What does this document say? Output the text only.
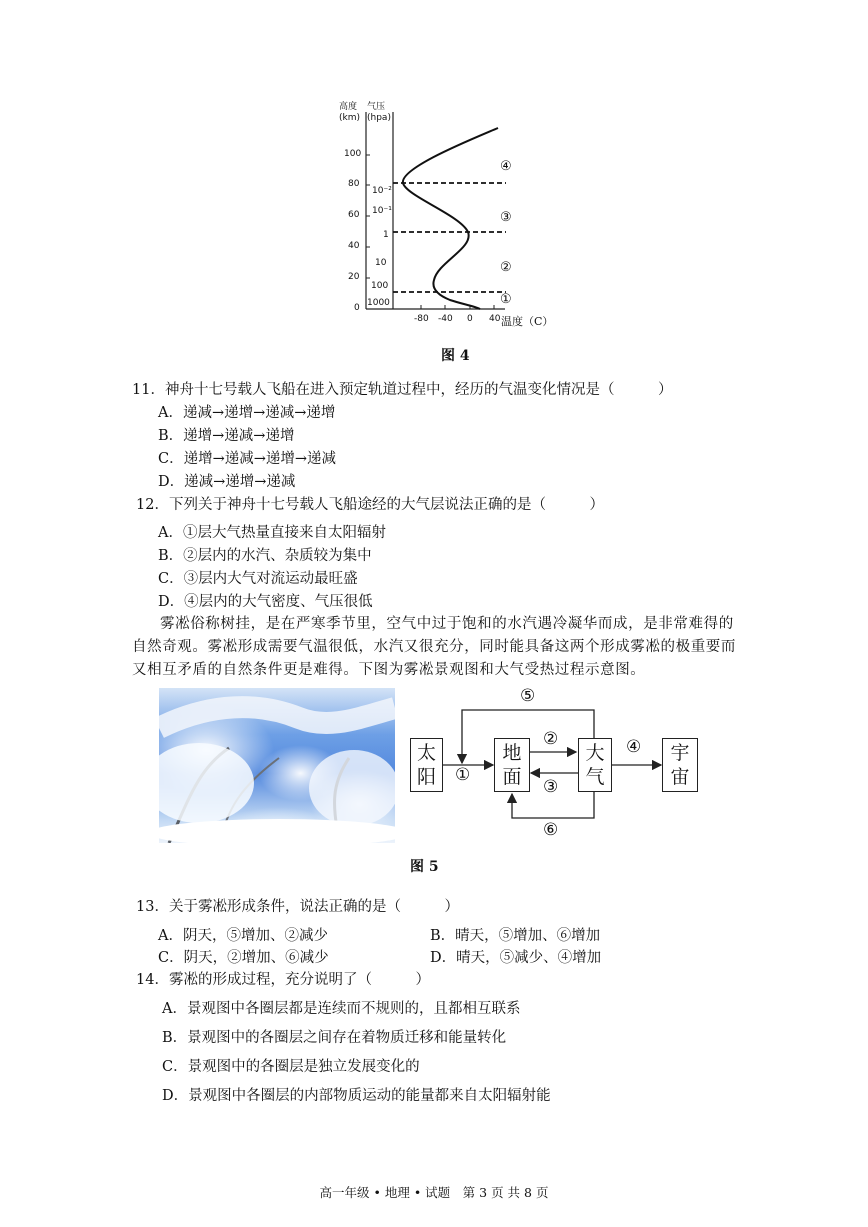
高度
(km)
气压
(hpa)
100
80
60
40
20
0
10⁻²
10⁻¹
1
10
100
1000
-80 -40 0 40 温度（C）
④
③
②
①
图 4
11．神舟十七号载人飞船在进入预定轨道过程中，经历的气温变化情况是（　　　）
A．递减→递增→递减→递增
B．递增→递减→递增
C．递增→递减→递增→递减
D．递减→递增→递减
12．下列关于神舟十七号载人飞船途经的大气层说法正确的是（　　　）
A．①层大气热量直接来自太阳辐射
B．②层内的水汽、杂质较为集中
C．③层内大气对流运动最旺盛
D．④层内的大气密度、气压很低
雾凇俗称树挂，是在严寒季节里，空气中过于饱和的水汽遇冷凝华而成，是非常难得的
自然奇观。雾凇形成需要气温很低，水汽又很充分，同时能具备这两个形成雾凇的极重要而
又相互矛盾的自然条件更是难得。下图为雾凇景观图和大气受热过程示意图。
太阳
地面
大气
宇宙
①
②
③
④
⑤
⑥
图 5
13．关于雾凇形成条件，说法正确的是（　　　）
A．阴天，⑤增加、②减少	B．晴天，⑤增加、⑥增加
C．阴天，②增加、⑥减少	D．晴天，⑤减少、④增加
14．雾凇的形成过程，充分说明了（　　　）
A．景观图中各圈层都是连续而不规则的，且都相互联系
B．景观图中的各圈层之间存在着物质迁移和能量转化
C．景观图中的各圈层是独立发展变化的
D．景观图中各圈层的内部物质运动的能量都来自太阳辐射能
高一年级 • 地理 • 试题　第 3 页 共 8 页
